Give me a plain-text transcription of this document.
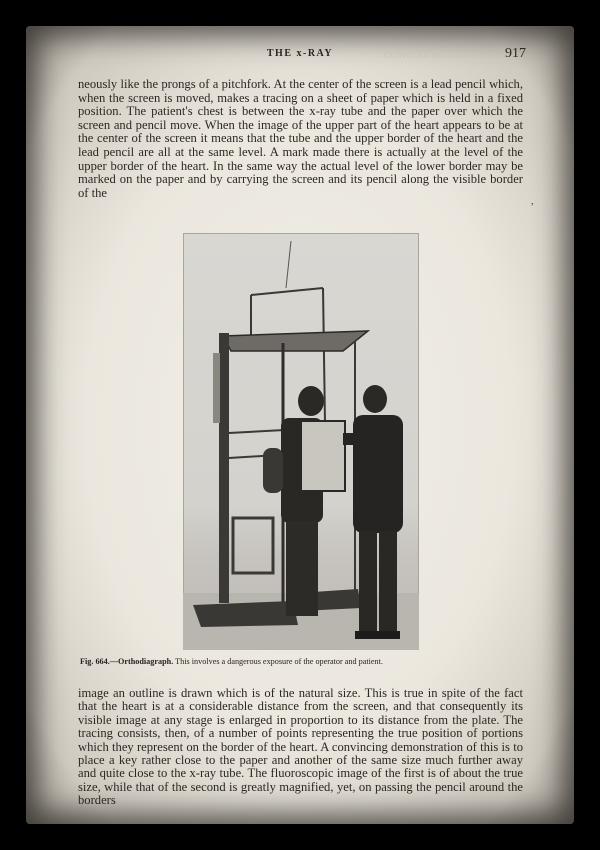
CLINICAL MEDICINE
THE x-RAY	917

neously like the prongs of a pitchfork. At the center of the screen is a lead pencil which, when the screen is moved, makes a tracing on a sheet of paper which is held in a fixed position. The patient's chest is between the x-ray tube and the paper over which the screen and pencil move. When the image of the upper part of the heart appears to be at the center of the screen it means that the tube and the upper border of the heart and the lead pencil are all at the same level. A mark made there is actually at the level of the upper border of the heart. In the same way the actual level of the lower border may be marked on the paper and by carrying the screen and its pencil along the visible border of the

,

Fig. 664.—Orthodiagraph. This involves a dangerous exposure of the operator and patient.

image an outline is drawn which is of the natural size. This is true in spite of the fact that the heart is at a considerable distance from the screen, and that consequently its visible image at any stage is enlarged in proportion to its distance from the plate. The tracing consists, then, of a number of points representing the true position of portions which they represent on the border of the heart. A convincing demonstration of this is to place a key rather close to the paper and another of the same size much further away and quite close to the x-ray tube. The fluoroscopic image of the first is of about the true size, while that of the second is greatly magnified, yet, on passing the pencil around the borders
